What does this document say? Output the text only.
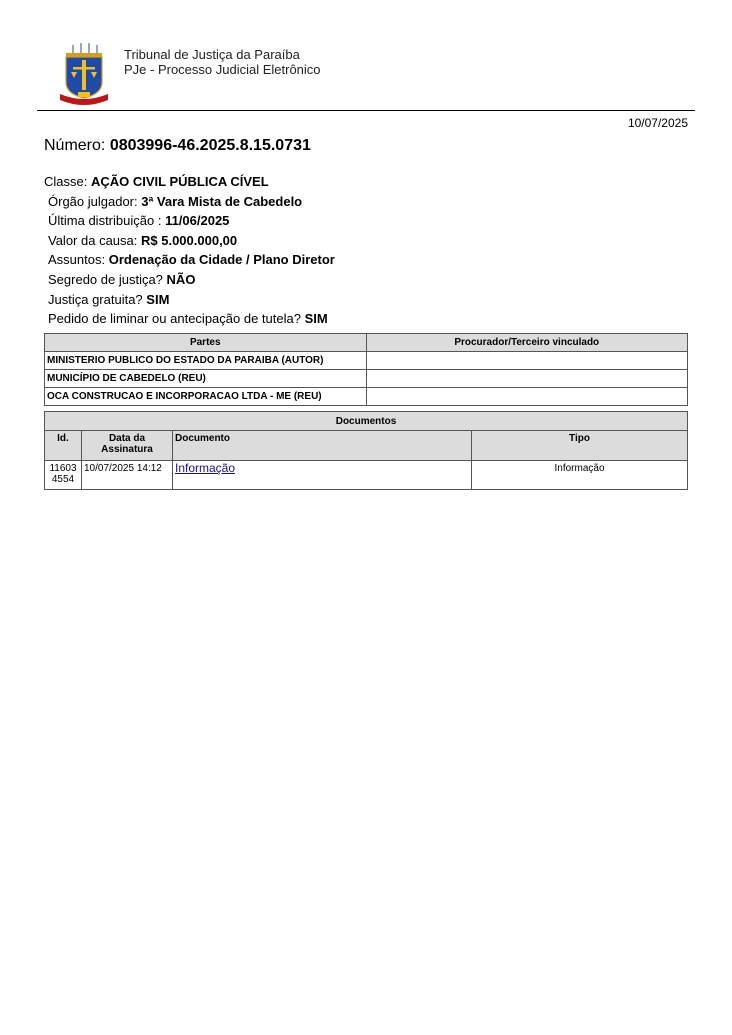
Tribunal de Justiça da Paraíba
PJe - Processo Judicial Eletrônico
10/07/2025
Número: 0803996-46.2025.8.15.0731
Classe: AÇÃO CIVIL PÚBLICA CÍVEL
Órgão julgador: 3ª Vara Mista de Cabedelo
Última distribuição : 11/06/2025
Valor da causa: R$ 5.000.000,00
Assuntos: Ordenação da Cidade / Plano Diretor
Segredo de justiça? NÃO
Justiça gratuita? SIM
Pedido de liminar ou antecipação de tutela? SIM
Partes	Procurador/Terceiro vinculado
MINISTERIO PUBLICO DO ESTADO DA PARAIBA (AUTOR)	
MUNICÍPIO DE CABEDELO (REU)	
OCA CONSTRUCAO E INCORPORACAO LTDA - ME (REU)	
Documentos			
Id.	Data da Assinatura	Documento	Tipo
116034554	10/07/2025 14:12	Informação	Informação
